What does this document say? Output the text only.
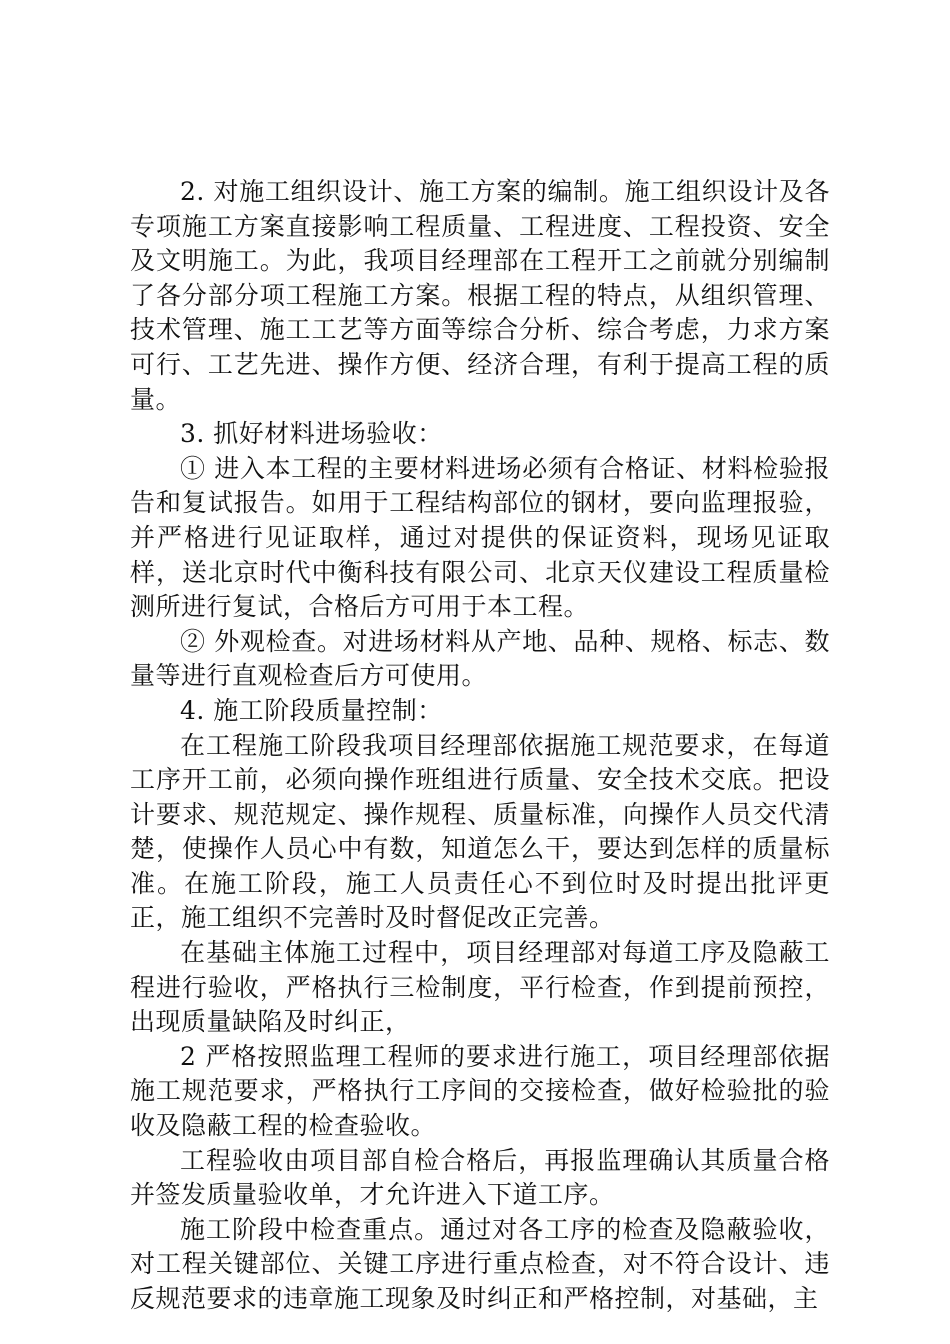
2. 对施工组织设计、施工方案的编制。施工组织设计及各专项施工方案直接影响工程质量、工程进度、工程投资、安全及文明施工。为此，我项目经理部在工程开工之前就分别编制了各分部分项工程施工方案。根据工程的特点，从组织管理、技术管理、施工工艺等方面等综合分析、综合考虑，力求方案可行、工艺先进、操作方便、经济合理，有利于提高工程的质量。

3. 抓好材料进场验收：

① 进入本工程的主要材料进场必须有合格证、材料检验报告和复试报告。如用于工程结构部位的钢材，要向监理报验，并严格进行见证取样，通过对提供的保证资料，现场见证取样，送北京时代中衡科技有限公司、北京天仪建设工程质量检测所进行复试，合格后方可用于本工程。

② 外观检查。对进场材料从产地、品种、规格、标志、数量等进行直观检查后方可使用。

4. 施工阶段质量控制：

在工程施工阶段我项目经理部依据施工规范要求，在每道工序开工前，必须向操作班组进行质量、安全技术交底。把设计要求、规范规定、操作规程、质量标准，向操作人员交代清楚，使操作人员心中有数，知道怎么干，要达到怎样的质量标准。在施工阶段，施工人员责任心不到位时及时提出批评更正，施工组织不完善时及时督促改正完善。

在基础主体施工过程中，项目经理部对每道工序及隐蔽工程进行验收，严格执行三检制度，平行检查，作到提前预控，出现质量缺陷及时纠正，

2 严格按照监理工程师的要求进行施工，项目经理部依据施工规范要求，严格执行工序间的交接检查，做好检验批的验收及隐蔽工程的检查验收。

工程验收由项目部自检合格后，再报监理确认其质量合格并签发质量验收单，才允许进入下道工序。

施工阶段中检查重点。通过对各工序的检查及隐蔽验收，对工程关键部位、关键工序进行重点检查，对不符合设计、违反规范要求的违章施工现象及时纠正和严格控制，对基础，主
